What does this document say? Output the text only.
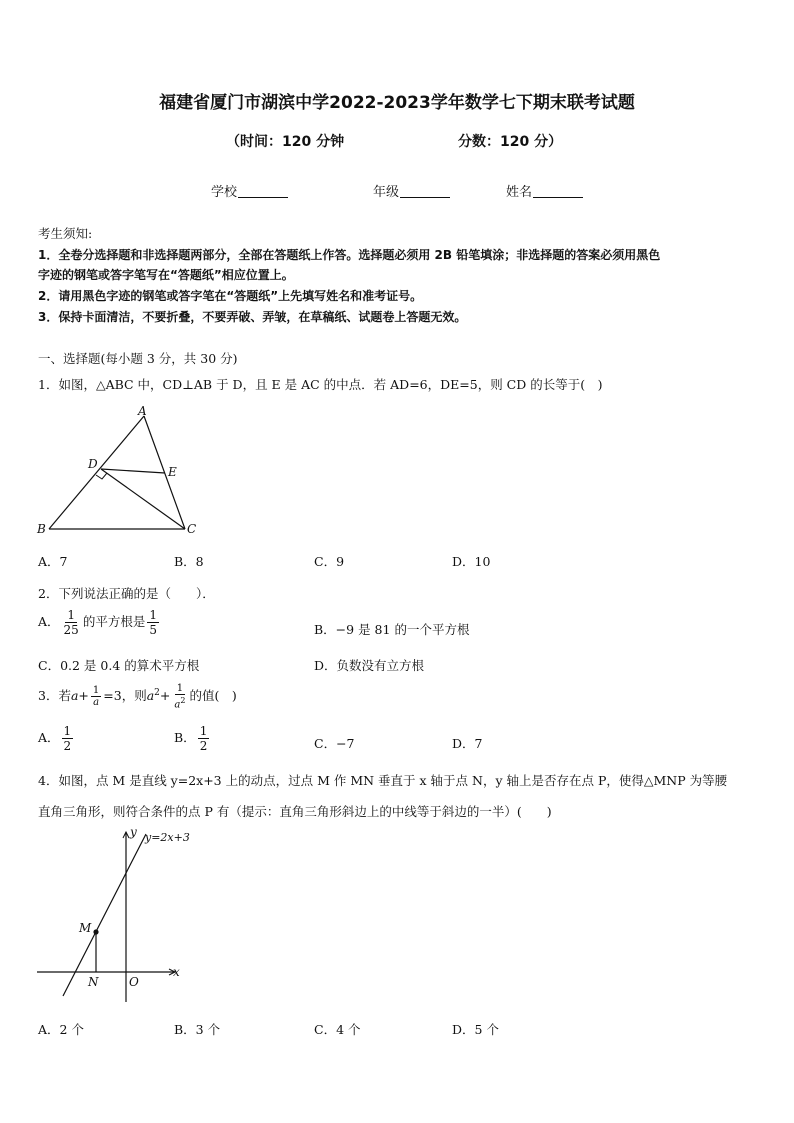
福建省厦门市湖滨中学2022-2023学年数学七下期末联考试题
（时间：120 分钟	分数：120 分）
学校	年级	姓名
考生须知:
1．全卷分选择题和非选择题两部分，全部在答题纸上作答。选择题必须用 2B 铅笔填涂；非选择题的答案必须用黑色
字迹的钢笔或答字笔写在“答题纸”相应位置上。
2．请用黑色字迹的钢笔或答字笔在“答题纸”上先填写姓名和准考证号。
3．保持卡面清洁，不要折叠，不要弄破、弄皱，在草稿纸、试题卷上答题无效。
一、选择题(每小题 3 分，共 30 分)
1．如图，△ABC 中，CD⊥AB 于 D，且 E 是 AC 的中点．若 AD=6，DE=5，则 CD 的长等于(　)
A
D
E
B	C
A．7	B．8	C．9	D．10
2．下列说法正确的是（　　）．
A． $\frac{1}{25}$ 的平方根是 $\frac{1}{5}$	B．−9 是 81 的一个平方根
C．0.2 是 0.4 的算术平方根	D．负数没有立方根
3．若$a+ \frac{1}{a} =3$，则$a^2+ \frac{1}{a^2}$ 的值(　)
A． $\frac{1}{2}$	B． $\frac{1}{2}$	C．−7	D．7
4．如图，点 M 是直线 y=2x+3 上的动点，过点 M 作 MN 垂直于 x 轴于点 N，y 轴上是否存在点 P，使得△MNP 为等腰
直角三角形，则符合条件的点 P 有（提示：直角三角形斜边上的中线等于斜边的一半）(　　)
y y=2x+3
M
N	O
x
A．2 个	B．3 个	C．4 个	D．5 个
